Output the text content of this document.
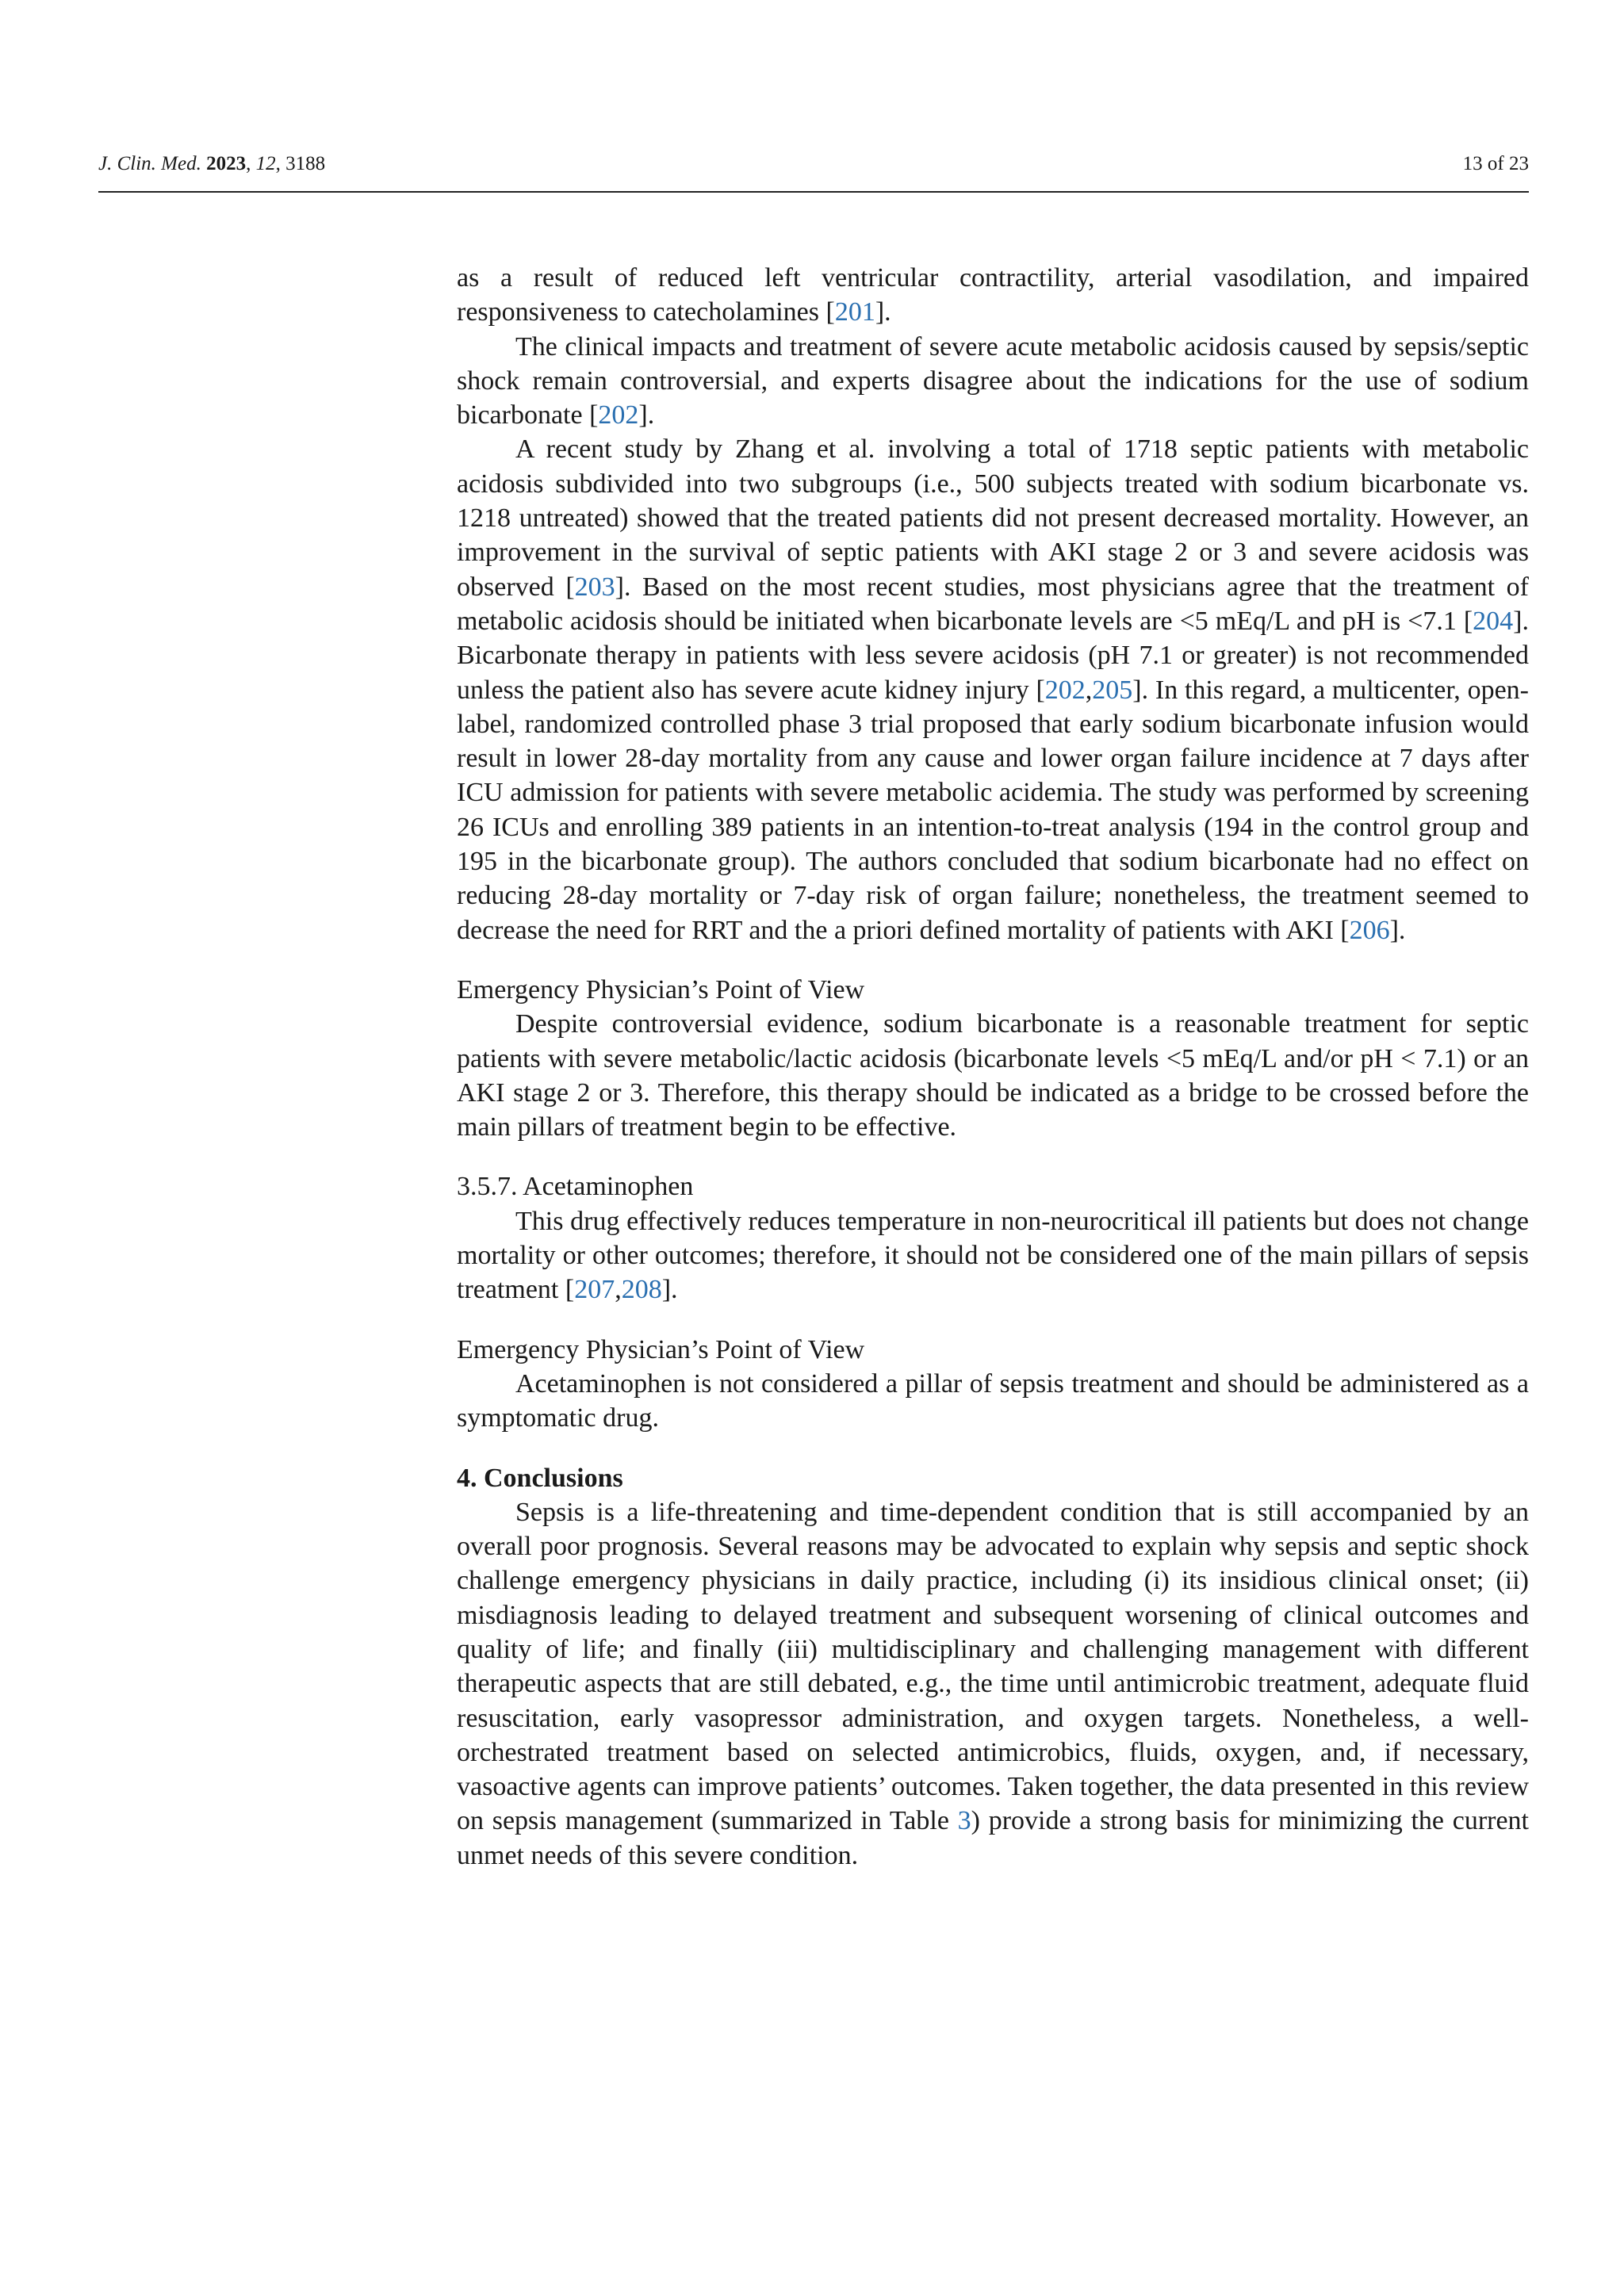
J. Clin. Med. 2023, 12, 3188	13 of 23

as a result of reduced left ventricular contractility, arterial vasodilation, and impaired responsiveness to catecholamines [201].

The clinical impacts and treatment of severe acute metabolic acidosis caused by sepsis/septic shock remain controversial, and experts disagree about the indications for the use of sodium bicarbonate [202].

A recent study by Zhang et al. involving a total of 1718 septic patients with metabolic acidosis subdivided into two subgroups (i.e., 500 subjects treated with sodium bicarbonate vs. 1218 untreated) showed that the treated patients did not present decreased mortality. However, an improvement in the survival of septic patients with AKI stage 2 or 3 and severe acidosis was observed [203]. Based on the most recent studies, most physicians agree that the treatment of metabolic acidosis should be initiated when bicarbonate levels are <5 mEq/L and pH is <7.1 [204]. Bicarbonate therapy in patients with less severe acidosis (pH 7.1 or greater) is not recommended unless the patient also has severe acute kidney injury [202,205]. In this regard, a multicenter, open-label, randomized controlled phase 3 trial proposed that early sodium bicarbonate infusion would result in lower 28-day mortality from any cause and lower organ failure incidence at 7 days after ICU admission for patients with severe metabolic acidemia. The study was performed by screening 26 ICUs and enrolling 389 patients in an intention-to-treat analysis (194 in the control group and 195 in the bicarbonate group). The authors concluded that sodium bicarbonate had no effect on reducing 28-day mortality or 7-day risk of organ failure; nonetheless, the treatment seemed to decrease the need for RRT and the a priori defined mortality of patients with AKI [206].

Emergency Physician’s Point of View

Despite controversial evidence, sodium bicarbonate is a reasonable treatment for septic patients with severe metabolic/lactic acidosis (bicarbonate levels <5 mEq/L and/or pH < 7.1) or an AKI stage 2 or 3. Therefore, this therapy should be indicated as a bridge to be crossed before the main pillars of treatment begin to be effective.

3.5.7. Acetaminophen

This drug effectively reduces temperature in non-neurocritical ill patients but does not change mortality or other outcomes; therefore, it should not be considered one of the main pillars of sepsis treatment [207,208].

Emergency Physician’s Point of View

Acetaminophen is not considered a pillar of sepsis treatment and should be administered as a symptomatic drug.

4. Conclusions

Sepsis is a life-threatening and time-dependent condition that is still accompanied by an overall poor prognosis. Several reasons may be advocated to explain why sepsis and septic shock challenge emergency physicians in daily practice, including (i) its insidious clinical onset; (ii) misdiagnosis leading to delayed treatment and subsequent worsening of clinical outcomes and quality of life; and finally (iii) multidisciplinary and challenging management with different therapeutic aspects that are still debated, e.g., the time until antimicrobic treatment, adequate fluid resuscitation, early vasopressor administration, and oxygen targets. Nonetheless, a well-orchestrated treatment based on selected antimicrobics, fluids, oxygen, and, if necessary, vasoactive agents can improve patients’ outcomes. Taken together, the data presented in this review on sepsis management (summarized in Table 3) provide a strong basis for minimizing the current unmet needs of this severe condition.
